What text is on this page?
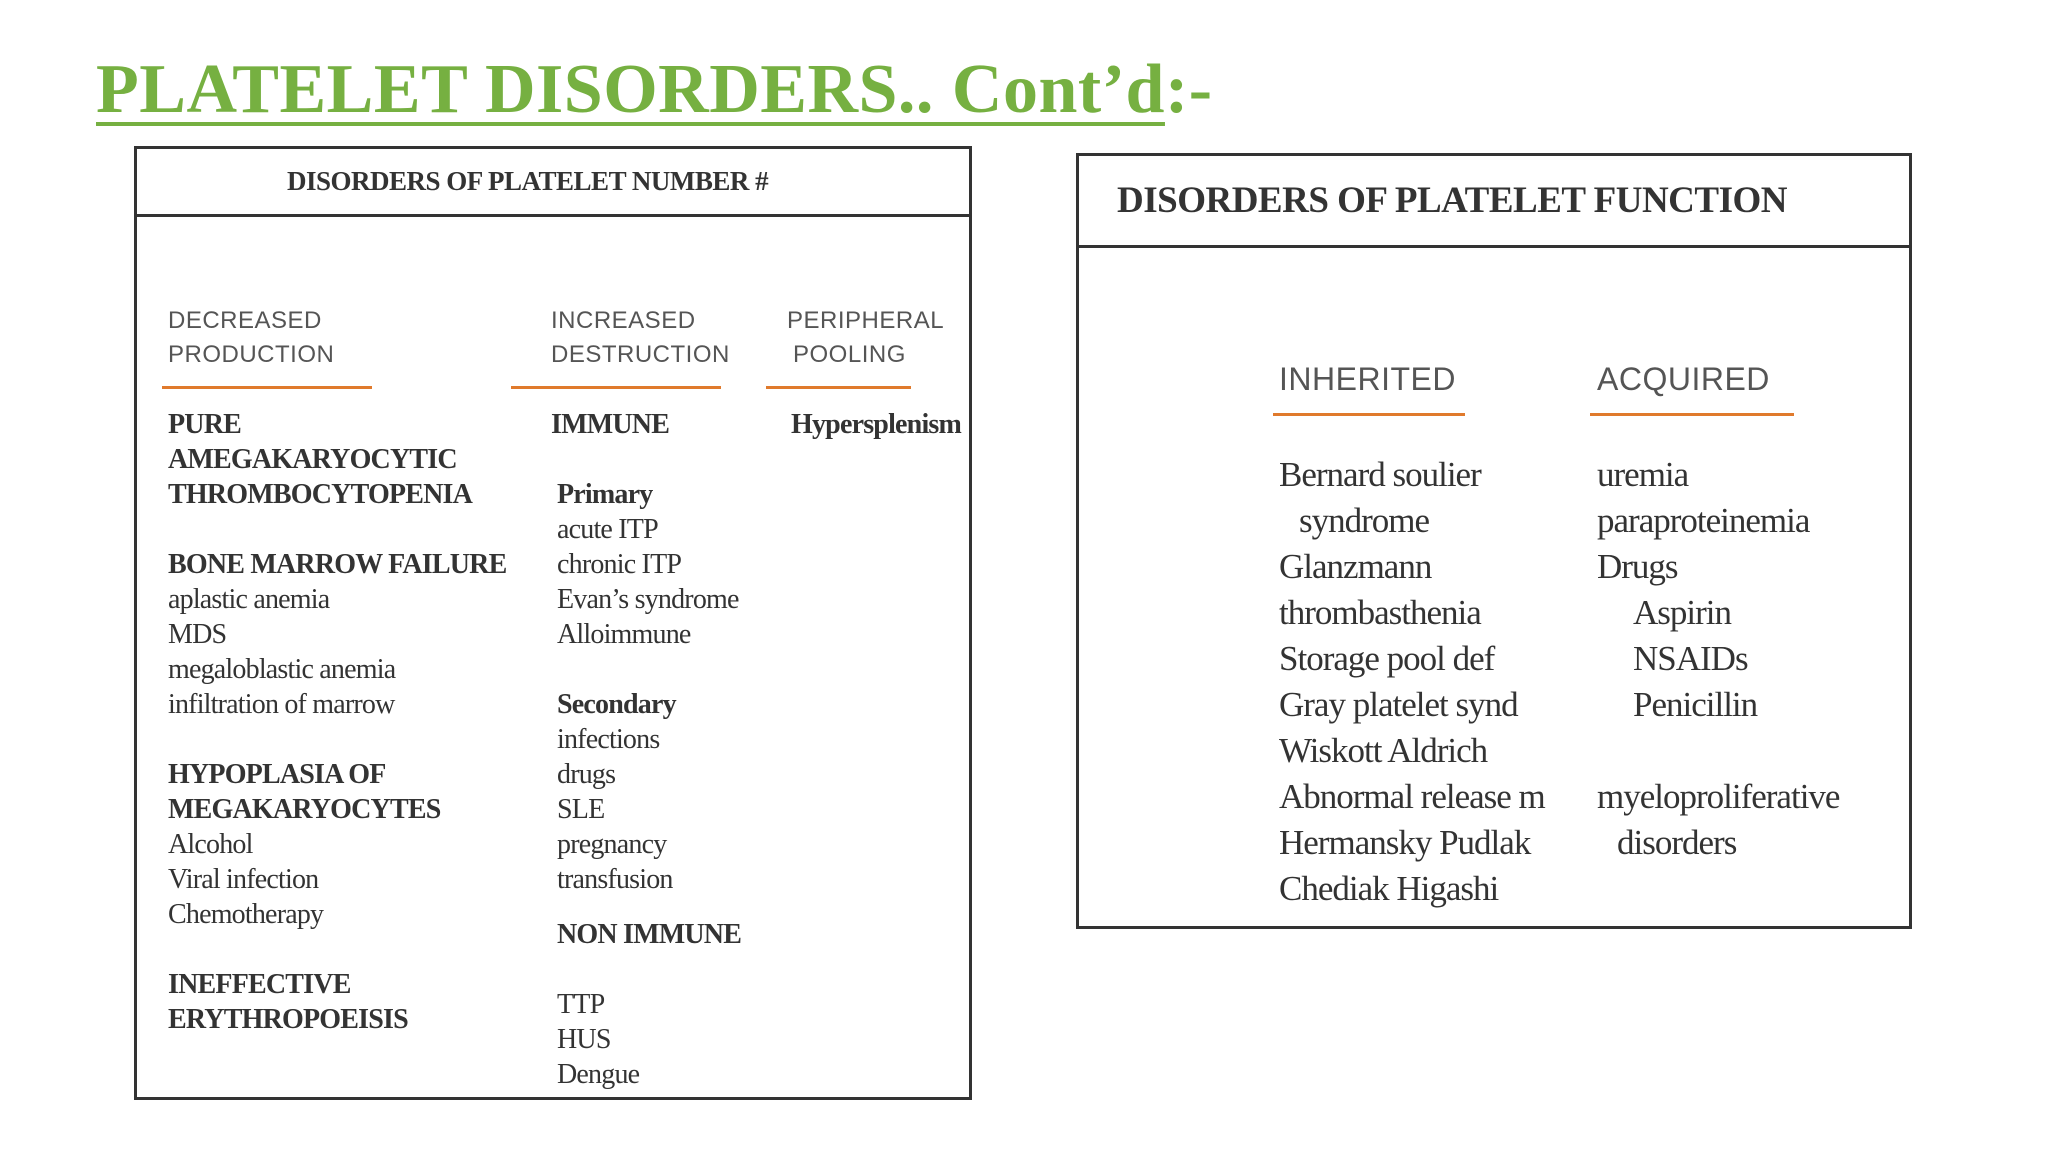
PLATELET DISORDERS.. Cont’d:-
DISORDERS OF PLATELET NUMBER #
DECREASED
PRODUCTION
INCREASED
DESTRUCTION
PERIPHERAL
POOLING
PURE
AMEGAKARYOCYTIC
THROMBOCYTOPENIA
BONE MARROW FAILURE
aplastic anemia
MDS
megaloblastic anemia
infiltration of marrow
HYPOPLASIA OF
MEGAKARYOCYTES
Alcohol
Viral infection
Chemotherapy
INEFFECTIVE
ERYTHROPOEISIS
IMMUNE
Primary
acute ITP
chronic ITP
Evan’s syndrome
Alloimmune
Secondary
infections
drugs
SLE
pregnancy
transfusion
NON IMMUNE
TTP
HUS
Dengue
Hypersplenism
DISORDERS OF PLATELET FUNCTION
INHERITED	ACQUIRED
Bernard soulier
syndrome
Glanzmann
thrombasthenia
Storage pool def
Gray platelet synd
Wiskott Aldrich
Abnormal release m
Hermansky Pudlak
Chediak Higashi
uremia
paraproteinemia
Drugs
Aspirin
NSAIDs
Penicillin

myeloproliferative
disorders
